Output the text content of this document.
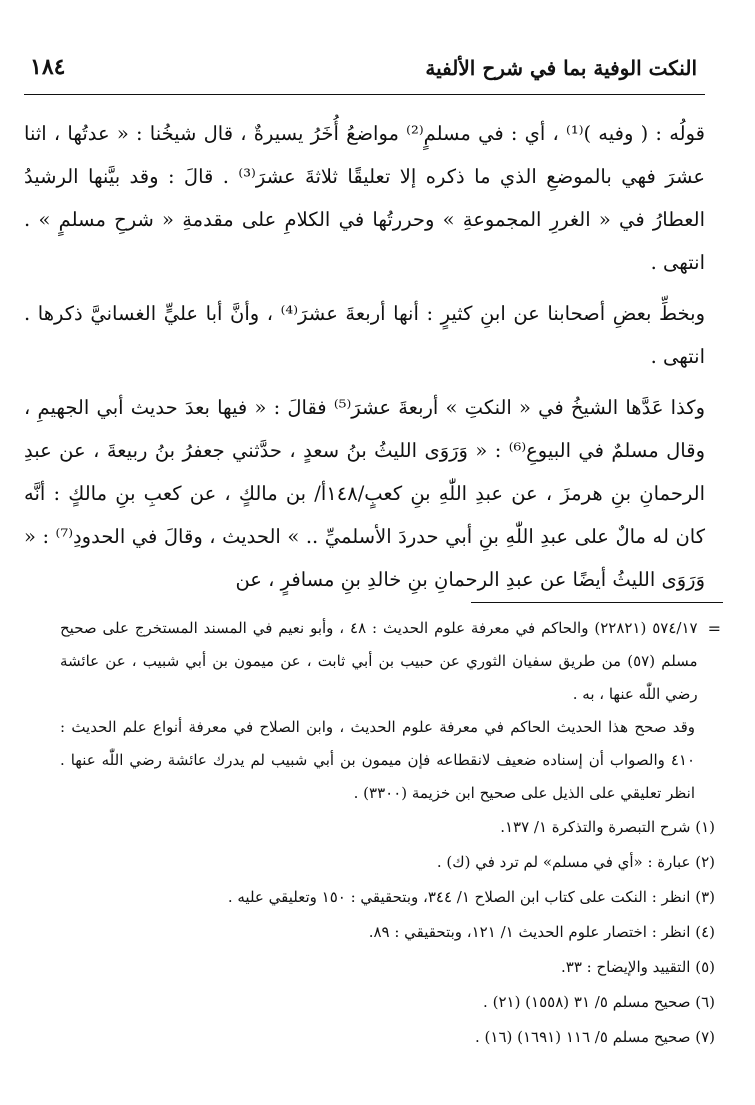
النكت الوفية بما في شرح الألفية
١٨٤

قولُه : ( وفيه )⁽¹⁾ ، أي : في مسلمٍ⁽²⁾ مواضعُ أُخَرُ يسيرةٌ ، قال شيخُنا : « عدتُها ، اثنا عشرَ فهي بالموضعِ الذي ما ذكره إلا تعليقًا ثلاثةَ عشرَ⁽³⁾ . قالَ : وقد بيَّنها الرشيدُ العطارُ في « الغررِ المجموعةِ » وحررتُها في الكلامِ على مقدمةِ « شرحِ مسلمٍ » . انتهى .

وبخطِّ بعضِ أصحابنا عن ابنِ كثيرٍ : أنها أربعةَ عشرَ⁽⁴⁾ ، وأنَّ أبا عليٍّ الغسانيَّ ذكرها . انتهى .

وكذا عَدَّها الشيخُ في « النكتِ » أربعةَ عشرَ⁽⁵⁾ فقالَ : « فيها بعدَ حديث أبي الجهيمِ ، وقال مسلمٌ في البيوعِ⁽⁶⁾ : « وَرَوَى الليثُ بنُ سعدٍ ، حدَّثني جعفرُ بنُ ربيعةَ ، عن عبدِ الرحمانِ بنِ هرمزَ ، عن عبدِ اللّٰهِ بنِ كعبٍ/١٤٨أ/ بن مالكٍ ، عن كعبِ بنِ مالكٍ : أنَّه كان له مالٌ على عبدِ اللّٰهِ بنِ أبي حدردَ الأسلميِّ .. » الحديث ، وقالَ في الحدودِ⁽⁷⁾ : « وَرَوَى الليثُ أيضًا عن عبدِ الرحمانِ بنِ خالدِ بنِ مسافرٍ ، عن

=
٥٧٤/١٧ (٢٢٨٢١) والحاكم في معرفة علوم الحديث : ٤٨ ، وأبو نعيم في المسند المستخرج على صحيح مسلم (٥٧) من طريق سفيان الثوري عن حبيب بن أبي ثابت ، عن ميمون بن أبي شبيب ، عن عائشة رضي اللّٰه عنها ، به .

وقد صحح هذا الحديث الحاكم في معرفة علوم الحديث ، وابن الصلاح في معرفة أنواع علم الحديث : ٤١٠ والصواب أن إسناده ضعيف لانقطاعه فإن ميمون بن أبي شبيب لم يدرك عائشة رضي اللّٰه عنها . انظر تعليقي على الذيل على صحيح ابن خزيمة (٣٣٠٠) .

(١) شرح التبصرة والتذكرة ١/ ١٣٧.
(٢) عبارة : «أي في مسلم» لم ترد في (ك) .
(٣) انظر : النكت على كتاب ابن الصلاح ١/ ٣٤٤، وبتحقيقي : ١٥٠ وتعليقي عليه .
(٤) انظر : اختصار علوم الحديث ١/ ١٢١، وبتحقيقي : ٨٩.
(٥) التقييد والإيضاح : ٣٣.
(٦) صحيح مسلم ٥/ ٣١ (١٥٥٨) (٢١) .
(٧) صحيح مسلم ٥/ ١١٦ (١٦٩١) (١٦) .
